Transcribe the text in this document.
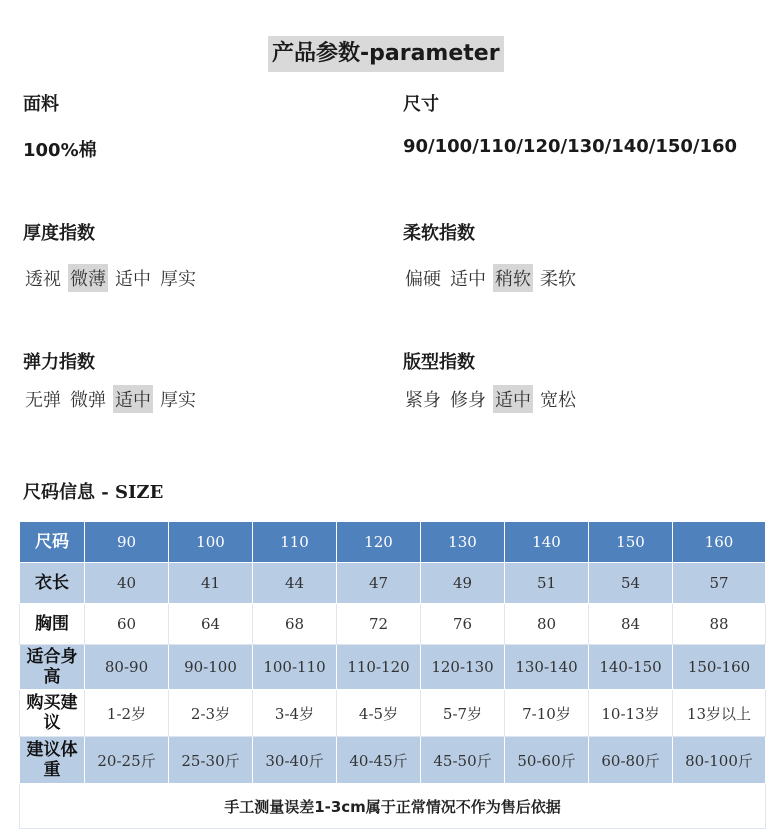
产品参数-parameter
面料
100%棉
尺寸
90/100/110/120/130/140/150/160
厚度指数
透视 微薄 适中 厚实
柔软指数
偏硬 适中 稍软 柔软
弹力指数
无弹 微弹 适中 厚实
版型指数
紧身 修身 适中 宽松
尺码信息 - SIZE
尺码	90	100	110	120	130	140	150	160
衣长	40	41	44	47	49	51	54	57
胸围	60	64	68	72	76	80	84	88
适合身高	80-90	90-100	100-110	110-120	120-130	130-140	140-150	150-160
购买建议	1-2岁	2-3岁	3-4岁	4-5岁	5-7岁	7-10岁	10-13岁	13岁以上
建议体重	20-25斤	25-30斤	30-40斤	40-45斤	45-50斤	50-60斤	60-80斤	80-100斤
手工测量误差1-3cm属于正常情况不作为售后依据								
